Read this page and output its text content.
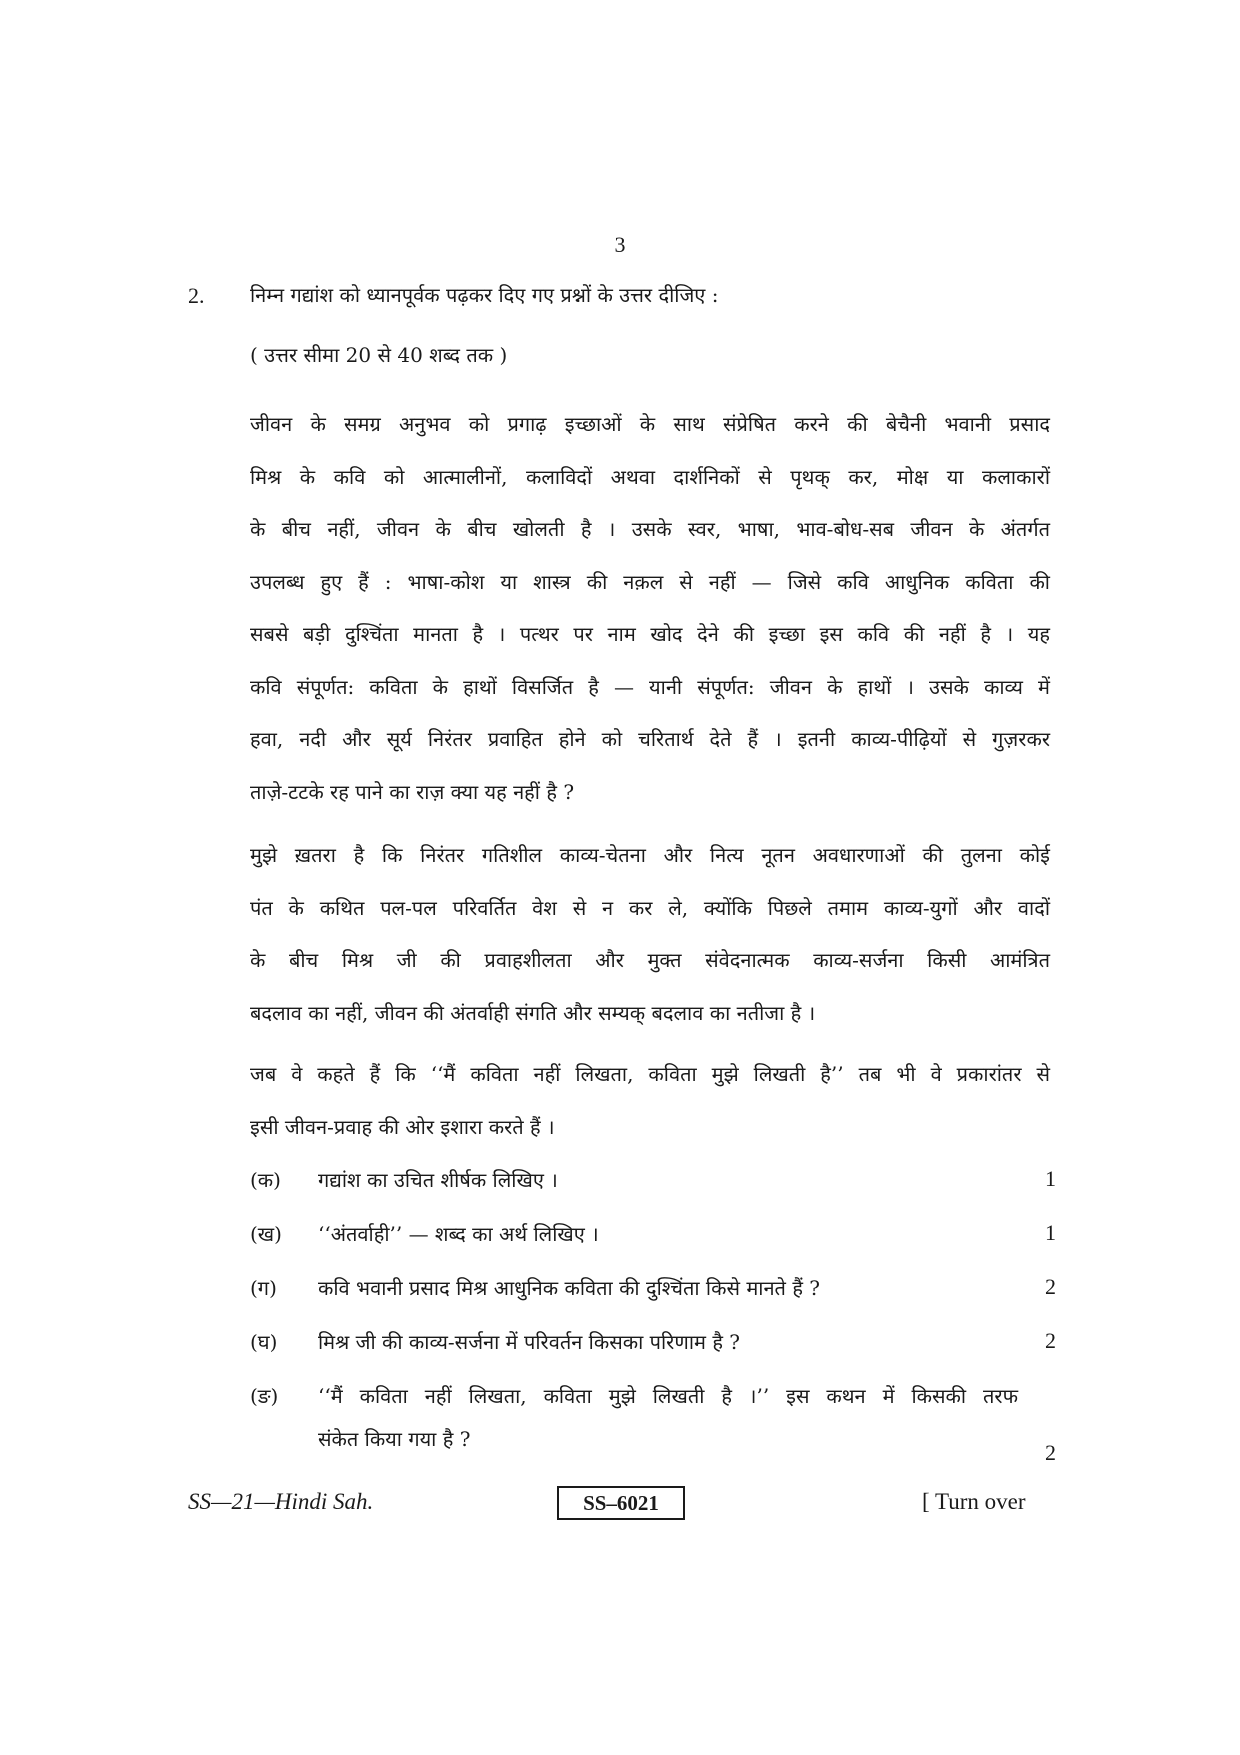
3
2. निम्न गद्यांश को ध्यानपूर्वक पढ़कर दिए गए प्रश्नों के उत्तर दीजिए :
( उत्तर सीमा 20 से 40 शब्द तक )
जीवन के समग्र अनुभव को प्रगाढ़ इच्छाओं के साथ संप्रेषित करने की बेचैनी भवानी प्रसाद
मिश्र के कवि को आत्मालीनों, कलाविदों अथवा दार्शनिकों से पृथक् कर, मोक्ष या कलाकारों
के बीच नहीं, जीवन के बीच खोलती है । उसके स्वर, भाषा, भाव-बोध-सब जीवन के अंतर्गत
उपलब्ध हुए हैं : भाषा-कोश या शास्त्र की नक़ल से नहीं — जिसे कवि आधुनिक कविता की
सबसे बड़ी दुश्चिंता मानता है । पत्थर पर नाम खोद देने की इच्छा इस कवि की नहीं है । यह
कवि संपूर्णत: कविता के हाथों विसर्जित है — यानी संपूर्णत: जीवन के हाथों । उसके काव्य में
हवा, नदी और सूर्य निरंतर प्रवाहित होने को चरितार्थ देते हैं । इतनी काव्य-पीढ़ियों से गुज़रकर
ताज़े-टटके रह पाने का राज़ क्या यह नहीं है ?
मुझे ख़तरा है कि निरंतर गतिशील काव्य-चेतना और नित्य नूतन अवधारणाओं की तुलना कोई
पंत के कथित पल-पल परिवर्तित वेश से न कर ले, क्योंकि पिछले तमाम काव्य-युगों और वादों
के बीच मिश्र जी की प्रवाहशीलता और मुक्त संवेदनात्मक काव्य-सर्जना किसी आमंत्रित
बदलाव का नहीं, जीवन की अंतर्वाही संगति और सम्यक् बदलाव का नतीजा है ।
जब वे कहते हैं कि ‘‘मैं कविता नहीं लिखता, कविता मुझे लिखती है’’ तब भी वे प्रकारांतर से
इसी जीवन-प्रवाह की ओर इशारा करते हैं ।
(क) गद्यांश का उचित शीर्षक लिखिए ।	1
(ख) ‘‘अंतर्वाही’’ — शब्द का अर्थ लिखिए ।	1
(ग) कवि भवानी प्रसाद मिश्र आधुनिक कविता की दुश्चिंता किसे मानते हैं ?	2
(घ) मिश्र जी की काव्य-सर्जना में परिवर्तन किसका परिणाम है ?	2
(ङ) ‘‘मैं कविता नहीं लिखता, कविता मुझे लिखती है ।’’ इस कथन में किसकी तरफ
संकेत किया गया है ?
2
SS—21—Hindi Sah.	SS–6021	[ Turn over
